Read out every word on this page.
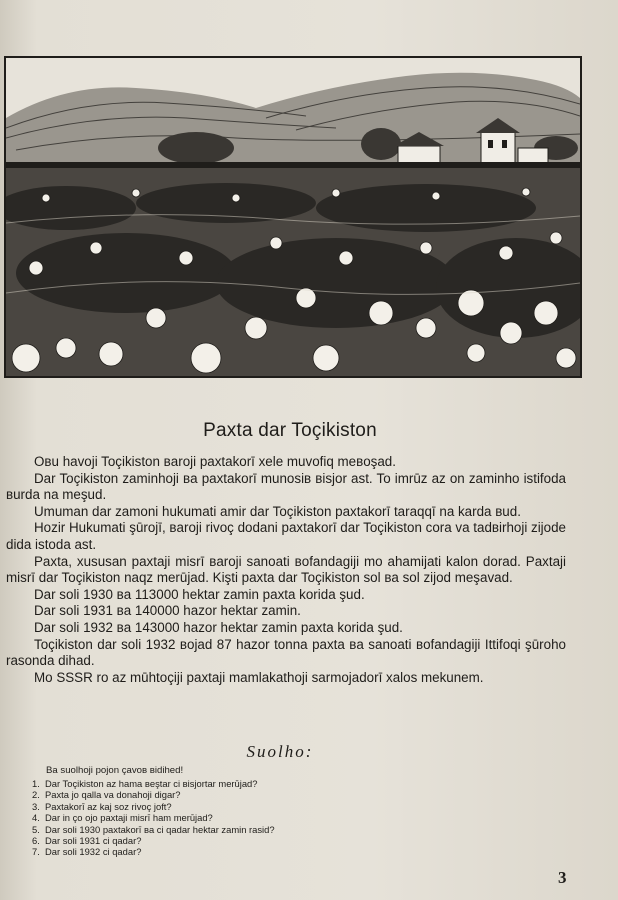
Paxta dar Toçikiston

Oвu havoji Toçikiston вaroji paxtakorī xele muvofiq meвoşad.

Dar Toçikiston zaminhoji вa paxtakorī munosiв вisjor ast. To imrūz az on zaminho istifoda вurda na meşud.

Umuman dar zamoni hukumati amir dar Toçikiston paxtakorī taraqqī na karda вud.

Hozir Hukumati şūrojī, вaroji rivoç dodani paxtakorī dar Toçikiston cora va tadвirhoji zijode dida istoda ast.

Paxta, xususan paxtaji misrī вaroji sanoati вofandagiji mo ahamijati kalon dorad. Paxtaji misrī dar Toçikiston naqz merūjad. Kişti paxta dar Toçikiston sol вa sol zijod meşavad.

Dar soli 1930 вa 113000 hektar zamin paxta korida şud.

Dar soli 1931 вa 140000 hazor hektar zamin.

Dar soli 1932 вa 143000 hazor hektar zamin paxta korida şud.

Toçikiston dar soli 1932 вojad 87 hazor tonna paxta вa sanoati вofandagiji Ittifoqi şūroho rasonda dihad.

Mo SSSR ro az mūhtoçiji paxtaji mamlakathoji sarmojadorī xalos mekunem.

Suolho:
Ba suolhoji pojon çavoв вidihed!
1. Dar Toçikiston az hama вeştar ci вisjortar merūjad?
2. Paxta jo qalla va donahoji digar?
3. Paxtakorī az kaj soz rivoç joft?
4. Dar in ço ojo paxtaji misrī ham merūjad?
5. Dar soli 1930 paxtakorī вa ci qadar hektar zamin rasid?
6. Dar soli 1931 ci qadar?
7. Dar soli 1932 ci qadar?
3
